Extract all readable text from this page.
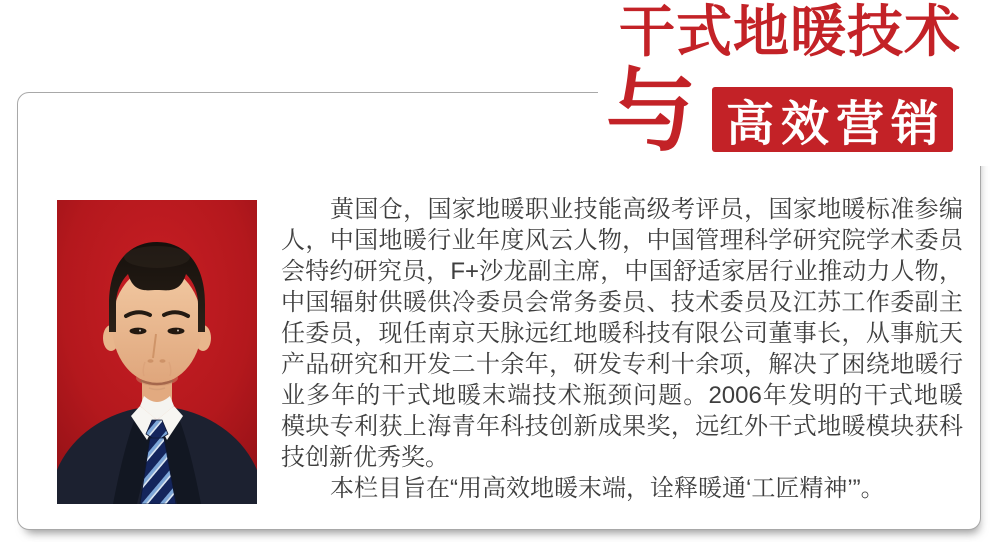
干式地暖技术
与 高效营销
黄国仓，国家地暖职业技能高级考评员，国家地暖标准参编
人，中国地暖行业年度风云人物，中国管理科学研究院学术委员
会特约研究员，F+沙龙副主席，中国舒适家居行业推动力人物，
中国辐射供暖供冷委员会常务委员、技术委员及江苏工作委副主
任委员，现任南京天脉远红地暖科技有限公司董事长，从事航天
产品研究和开发二十余年，研发专利十余项，解决了困绕地暖行
业多年的干式地暖末端技术瓶颈问题。2006年发明的干式地暖
模块专利获上海青年科技创新成果奖，远红外干式地暖模块获科
技创新优秀奖。
本栏目旨在“用高效地暖末端，诠释暖通‘工匠精神’”。
